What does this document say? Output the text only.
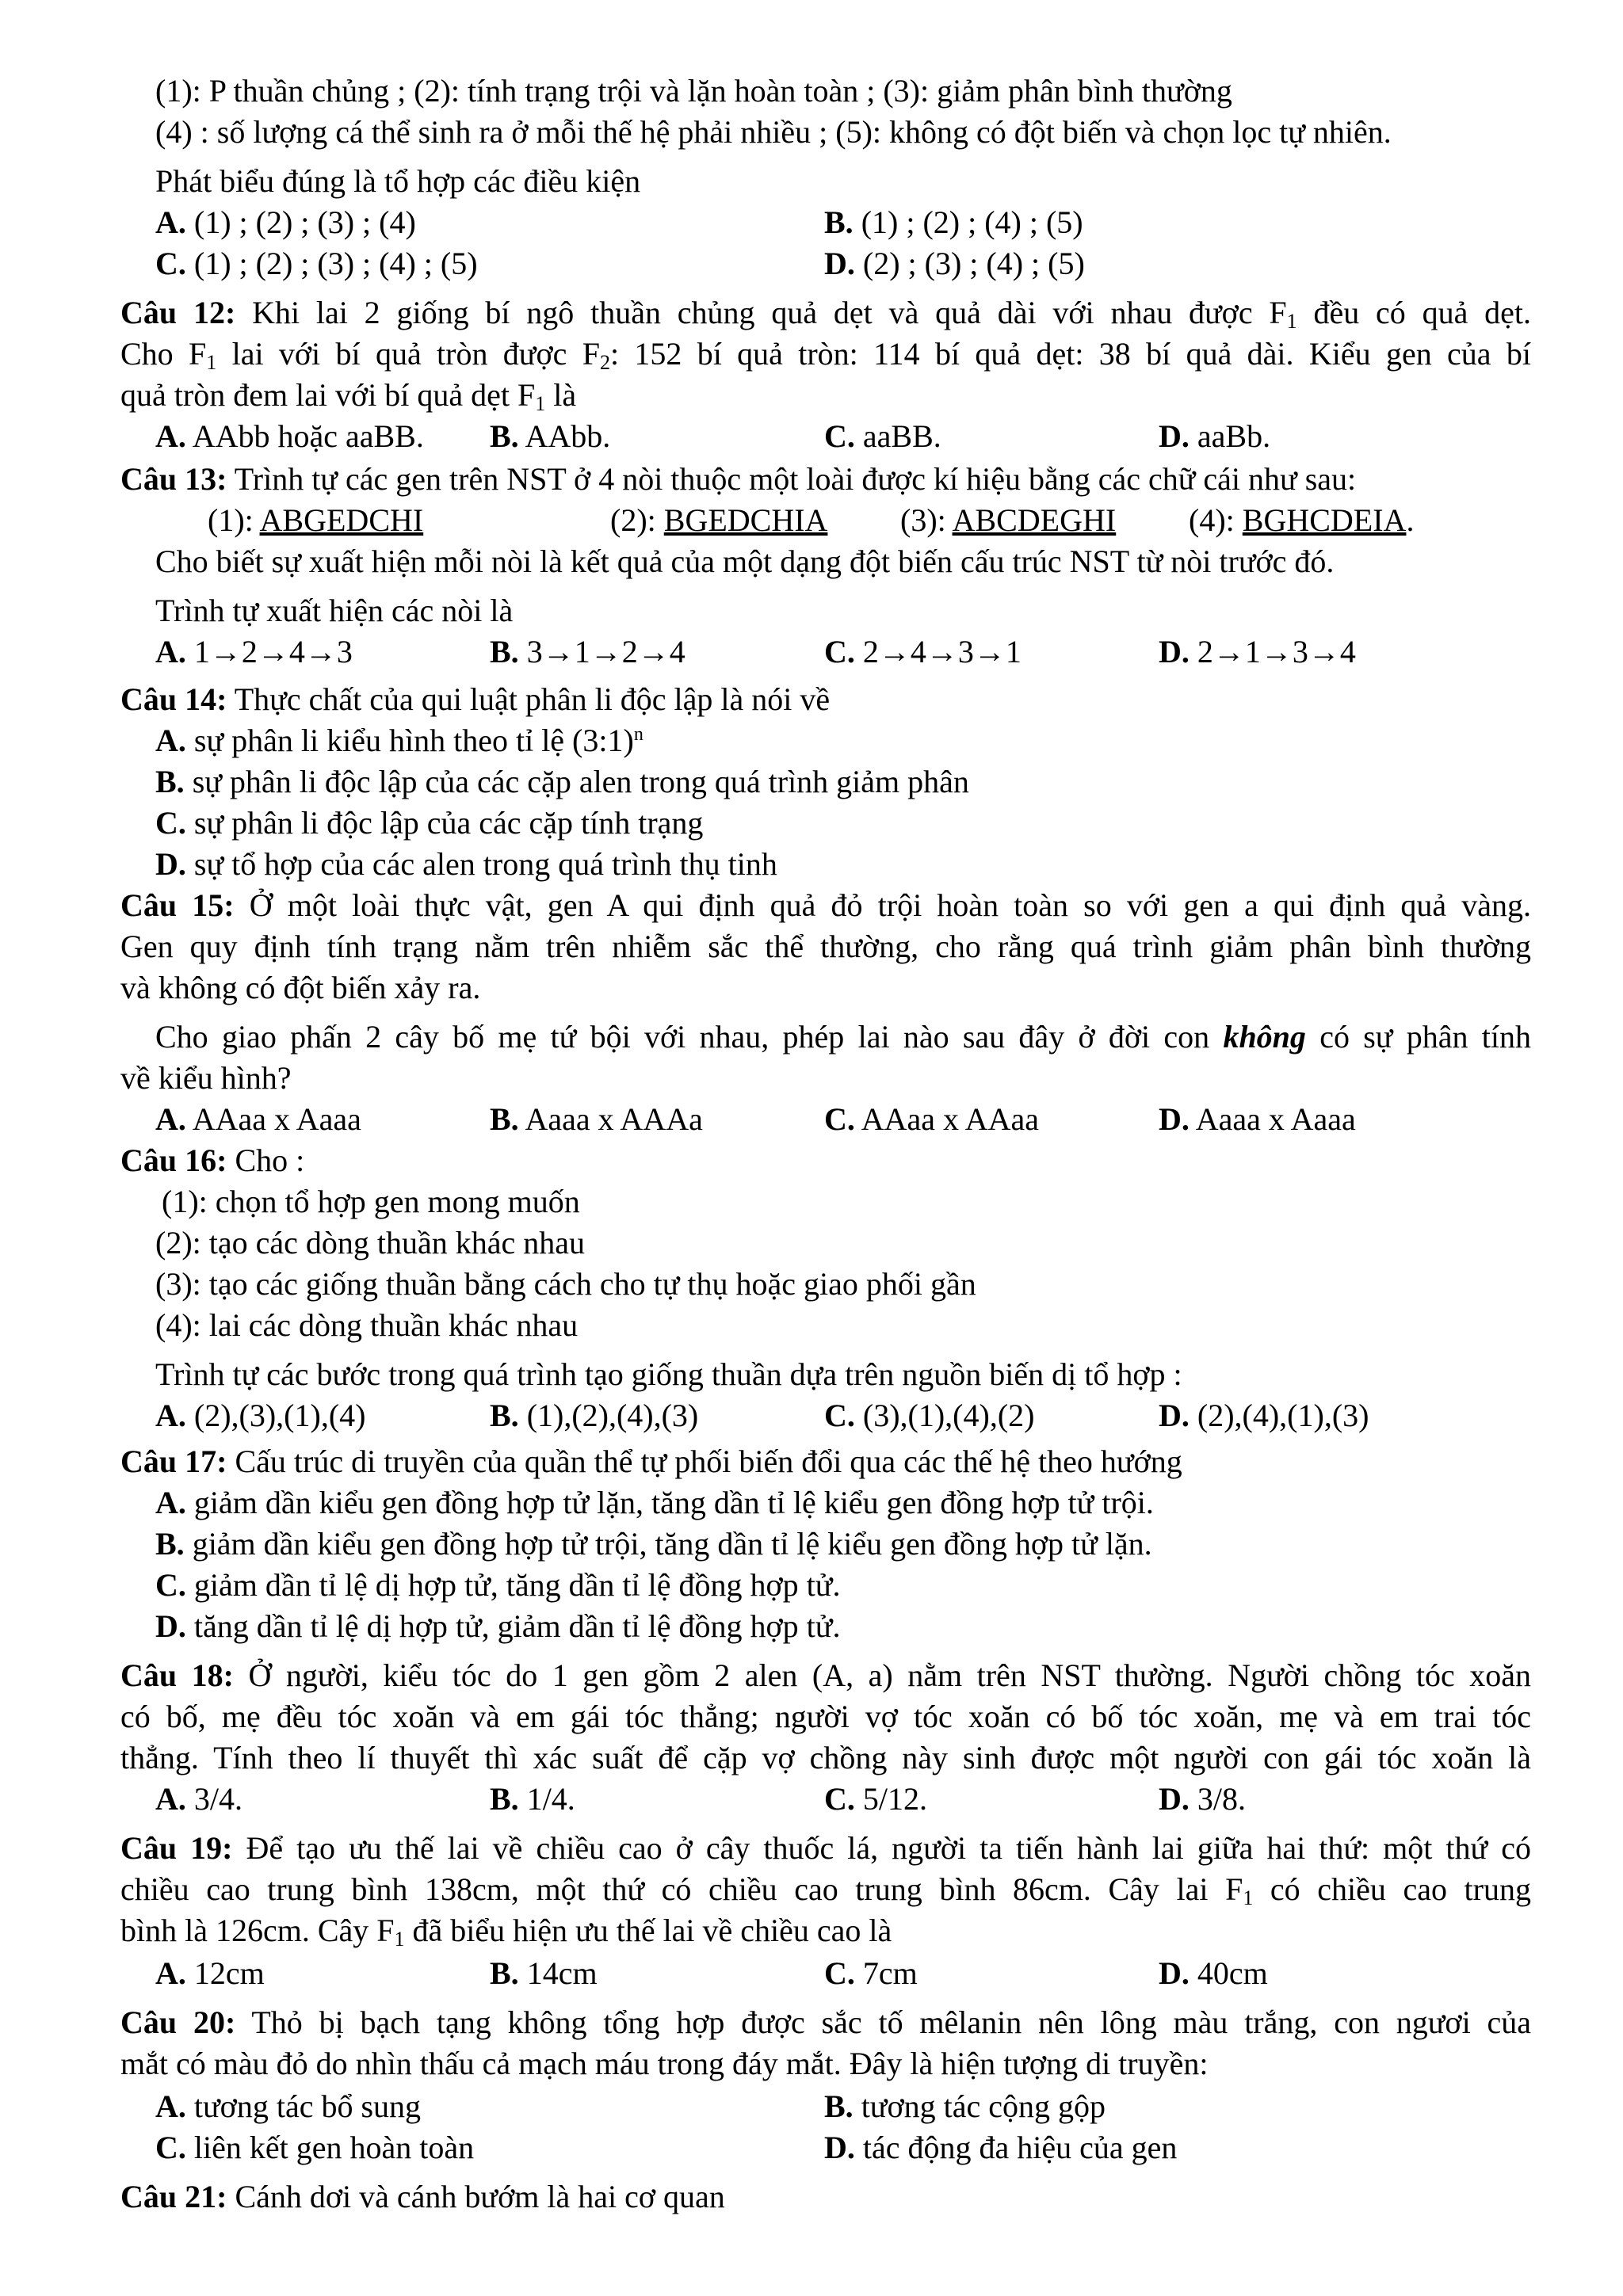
(1): P thuần chủng ; (2): tính trạng trội và lặn hoàn toàn ; (3): giảm phân bình thường
(4) : số lượng cá thể sinh ra ở mỗi thế hệ phải nhiều ; (5): không có đột biến và chọn lọc tự nhiên.
Phát biểu đúng là tổ hợp các điều kiện
A. (1) ; (2) ; (3) ; (4)	B. (1) ; (2) ; (4) ; (5)
C. (1) ; (2) ; (3) ; (4) ; (5)	D. (2) ; (3) ; (4) ; (5)
Câu 12: Khi lai 2 giống bí ngô thuần chủng quả dẹt và quả dài với nhau được $F_1$ đều có quả dẹt.
Cho $F_1$ lai với bí quả tròn được $F_2$: 152 bí quả tròn: 114 bí quả dẹt: 38 bí quả dài. Kiểu gen của bí
quả tròn đem lai với bí quả dẹt $F_1$ là
A. AAbb hoặc aaBB. B. AAbb.	C. aaBB.	D. aaBb.
Câu 13: Trình tự các gen trên NST ở 4 nòi thuộc một loài được kí hiệu bằng các chữ cái như sau:
(1): ABGEDCHI	(2): BGEDCHIA (3): ABCDEGHI (4): BGHCDEIA.
Cho biết sự xuất hiện mỗi nòi là kết quả của một dạng đột biến cấu trúc NST từ nòi trước đó.
Trình tự xuất hiện các nòi là
A. 1→2→4→3	B. 3→1→2→4	C. 2→4→3→1	D. 2→1→3→4
Câu 14: Thực chất của qui luật phân li độc lập là nói về
A. sự phân li kiểu hình theo tỉ lệ (3:1)$^n$
B. sự phân li độc lập của các cặp alen trong quá trình giảm phân
C. sự phân li độc lập của các cặp tính trạng
D. sự tổ hợp của các alen trong quá trình thụ tinh
Câu 15: Ở một loài thực vật, gen A qui định quả đỏ trội hoàn toàn so với gen a qui định quả vàng.
Gen quy định tính trạng nằm trên nhiễm sắc thể thường, cho rằng quá trình giảm phân bình thường
và không có đột biến xảy ra.
Cho giao phấn 2 cây bố mẹ tứ bội với nhau, phép lai nào sau đây ở đời con không có sự phân tính
về kiểu hình?
A. AAaa x Aaaa	B. Aaaa x AAAa	C. AAaa x AAaa	D. Aaaa x Aaaa
Câu 16: Cho :
(1): chọn tổ hợp gen mong muốn
(2): tạo các dòng thuần khác nhau
(3): tạo các giống thuần bằng cách cho tự thụ hoặc giao phối gần
(4): lai các dòng thuần khác nhau
Trình tự các bước trong quá trình tạo giống thuần dựa trên nguồn biến dị tổ hợp :
A. (2),(3),(1),(4)	B. (1),(2),(4),(3)	C. (3),(1),(4),(2)	D. (2),(4),(1),(3)
Câu 17: Cấu trúc di truyền của quần thể tự phối biến đổi qua các thế hệ theo hướng
A. giảm dần kiểu gen đồng hợp tử lặn, tăng dần tỉ lệ kiểu gen đồng hợp tử trội.
B. giảm dần kiểu gen đồng hợp tử trội, tăng dần tỉ lệ kiểu gen đồng hợp tử lặn.
C. giảm dần tỉ lệ dị hợp tử, tăng dần tỉ lệ đồng hợp tử.
D. tăng dần tỉ lệ dị hợp tử, giảm dần tỉ lệ đồng hợp tử.
Câu 18: Ở người, kiểu tóc do 1 gen gồm 2 alen (A, a) nằm trên NST thường. Người chồng tóc xoăn
có bố, mẹ đều tóc xoăn và em gái tóc thẳng; người vợ tóc xoăn có bố tóc xoăn, mẹ và em trai tóc
thẳng. Tính theo lí thuyết thì xác suất để cặp vợ chồng này sinh được một người con gái tóc xoăn là
A. 3/4.	B. 1/4.	C. 5/12.	D. 3/8.
Câu 19: Để tạo ưu thế lai về chiều cao ở cây thuốc lá, người ta tiến hành lai giữa hai thứ: một thứ có
chiều cao trung bình 138cm, một thứ có chiều cao trung bình 86cm. Cây lai $F_1$ có chiều cao trung
bình là 126cm. Cây $F_1$ đã biểu hiện ưu thế lai về chiều cao là
A. 12cm	B. 14cm	C. 7cm	D. 40cm
Câu 20: Thỏ bị bạch tạng không tổng hợp được sắc tố mêlanin nên lông màu trắng, con ngươi của
mắt có màu đỏ do nhìn thấu cả mạch máu trong đáy mắt. Đây là hiện tượng di truyền:
A. tương tác bổ sung	B. tương tác cộng gộp
C. liên kết gen hoàn toàn	D. tác động đa hiệu của gen
Câu 21: Cánh dơi và cánh bướm là hai cơ quan
